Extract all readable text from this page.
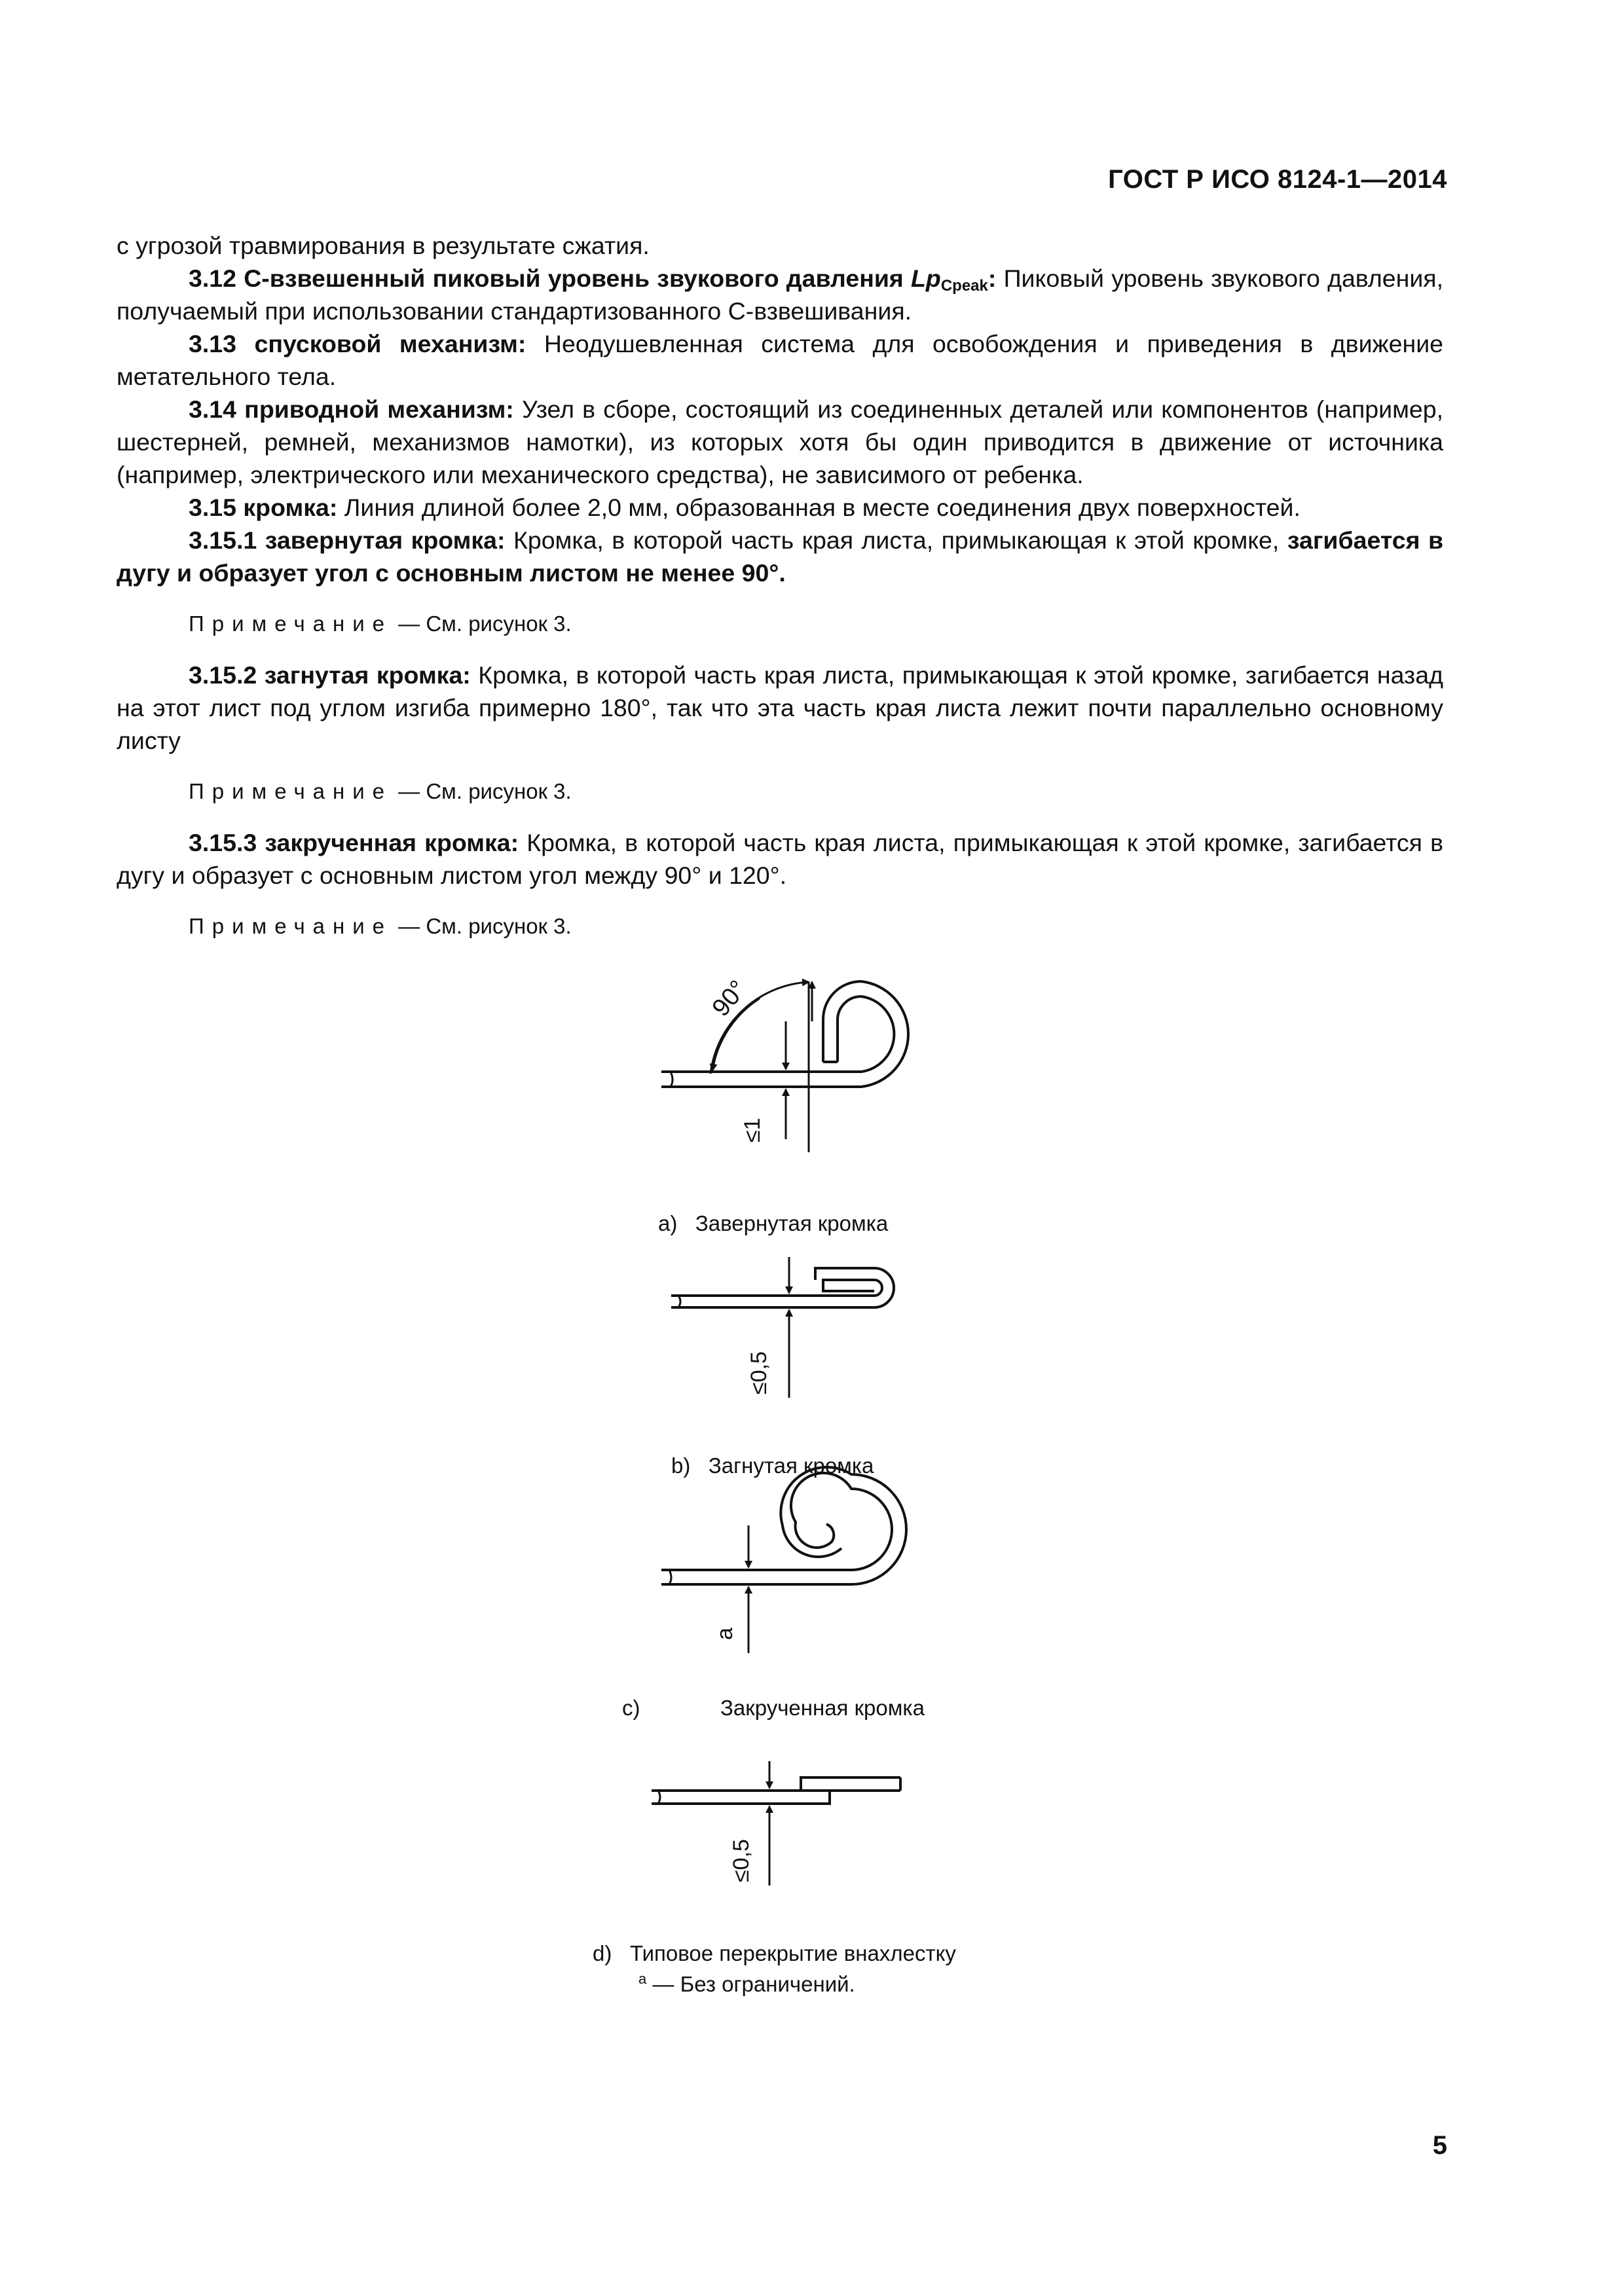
ГОСТ Р ИСО 8124-1—2014

с угрозой травмирования в результате сжатия.

3.12 С-взвешенный пиковый уровень звукового давления $Lp_{Cpeak}$: Пиковый уровень звукового давления, получаемый при использовании стандартизованного С-взвешивания.

3.13 спусковой механизм: Неодушевленная система для освобождения и приведения в движение метательного тела.

3.14 приводной механизм: Узел в сборе, состоящий из соединенных деталей или компонентов (например, шестерней, ремней, механизмов намотки), из которых хотя бы один приводится в движение от источника (например, электрического или механического средства), не зависимого от ребенка.

3.15 кромка: Линия длиной более 2,0 мм, образованная в месте соединения двух поверхностей.

3.15.1 завернутая кромка: Кромка, в которой часть края листа, примыкающая к этой кромке, загибается в дугу и образует угол с основным листом не менее 90°.

Примечание — См. рисунок 3.

3.15.2 загнутая кромка: Кромка, в которой часть края листа, примыкающая к этой кромке, загибается назад на этот лист под углом изгиба примерно 180°, так что эта часть края листа лежит почти параллельно основному листу

Примечание — См. рисунок 3.

3.15.3 закрученная кромка: Кромка, в которой часть края листа, примыкающая к этой кромке, загибается в дугу и образует с основным листом угол между 90° и 120°.

Примечание — См. рисунок 3.

90°
≤1
≤0,5
a
≤0,5
a) Завернутая кромка
b) Загнутая кромка
c)	Закрученная кромка
d) Типовое перекрытие внахлестку
$^a$ — Без ограничений.
5
